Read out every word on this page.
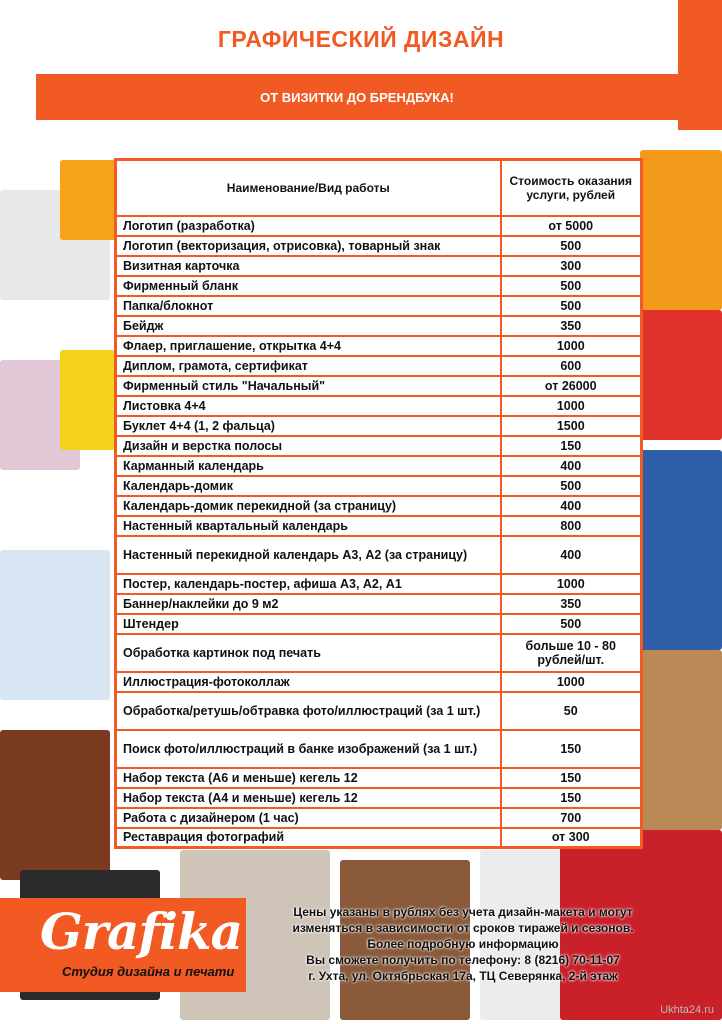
ГРАФИЧЕСКИЙ ДИЗАЙН
ОТ ВИЗИТКИ ДО БРЕНДБУКА!
Наименование/Вид работы	Стоимость оказания услуги, рублей
Логотип (разработка)	от 5000
Логотип (векторизация, отрисовка), товарный знак	500
Визитная карточка	300
Фирменный бланк	500
Папка/блокнот	500
Бейдж	350
Флаер, приглашение, открытка 4+4	1000
Диплом, грамота, сертификат	600
Фирменный стиль "Начальный"	от 26000
Листовка 4+4	1000
Буклет 4+4 (1, 2 фальца)	1500
Дизайн и верстка полосы	150
Карманный календарь	400
Календарь-домик	500
Календарь-домик перекидной (за страницу)	400
Настенный квартальный календарь	800
Настенный перекидной календарь А3, А2 (за страницу)	400
Постер, календарь-постер, афиша А3, А2, А1	1000
Баннер/наклейки до 9 м2	350
Штендер	500
Обработка картинок под печать	больше 10 - 80 рублей/шт.
Иллюстрация-фотоколлаж	1000
Обработка/ретушь/обтравка фото/иллюстраций (за 1 шт.)	50
Поиск фото/иллюстраций в банке изображений (за 1 шт.)	150
Набор текста (А6 и меньше) кегель 12	150
Набор текста (А4 и меньше) кегель 12	150
Работа с дизайнером (1 час)	700
Реставрация фотографий	от 300
Grafika
Студия дизайна и печати
Цены указаны в рублях без учета дизайн-макета и могут
изменяться в зависимости от сроков тиражей и сезонов.
Более подробную информацию
Вы сможете получить по телефону: 8 (8216) 70-11-07
г. Ухта, ул. Октябрьская 17а, ТЦ Северянка, 2-й этаж
Ukhta24.ru
